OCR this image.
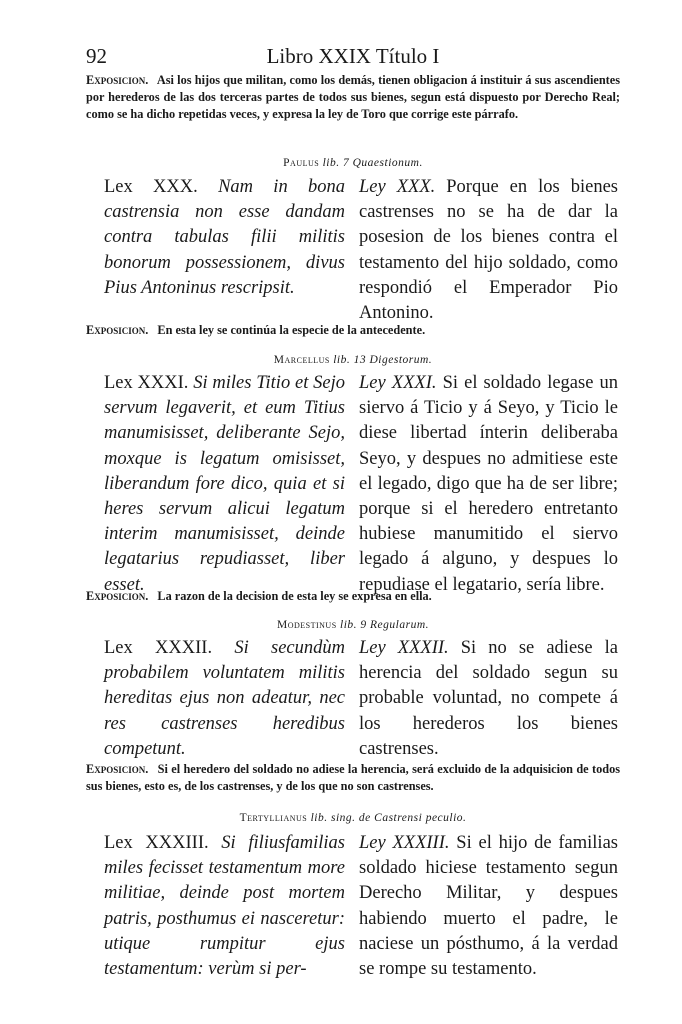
92	Libro XXIX Título I

Exposicion. Asi los hijos que militan, como los demás, tienen obligacion á instituir á sus ascendientes por herederos de las dos terceras partes de todos sus bienes, segun está dispuesto por Derecho Real; como se ha dicho repetidas veces, y expresa la ley de Toro que corrige este párrafo.

Paulus lib. 7 Quaestionum.

Lex XXX. Nam in bona castrensia non esse dandam contra tabulas filii militis bonorum possessionem, divus Pius Antoninus rescripsit.

Ley XXX. Porque en los bienes castrenses no se ha de dar la posesion de los bienes contra el testamento del hijo soldado, como respondió el Emperador Pio Antonino.

Exposicion. En esta ley se continúa la especie de la antecedente.

Marcellus lib. 13 Digestorum.

Lex XXXI. Si miles Titio et Sejo servum legaverit, et eum Titius manumisisset, deliberante Sejo, moxque is legatum omisisset, liberandum fore dico, quia et si heres servum alicui legatum interim manumisisset, deinde legatarius repudiasset, liber esset.

Ley XXXI. Si el soldado legase un siervo á Ticio y á Seyo, y Ticio le diese libertad ínterin deliberaba Seyo, y despues no admitiese este el legado, digo que ha de ser libre; porque si el heredero entretanto hubiese manumitido el siervo legado á alguno, y despues lo repudiase el legatario, sería libre.

Exposicion. La razon de la decision de esta ley se expresa en ella.

Modestinus lib. 9 Regularum.

Lex XXXII. Si secundùm probabilem voluntatem militis hereditas ejus non adeatur, nec res castrenses heredibus competunt.

Ley XXXII. Si no se adiese la herencia del soldado segun su probable voluntad, no compete á los herederos los bienes castrenses.

Exposicion. Si el heredero del soldado no adiese la herencia, será excluido de la adquisicion de todos sus bienes, esto es, de los castrenses, y de los que no son castrenses.

Tertyllianus lib. sing. de Castrensi peculio.

Lex XXXIII. Si filiusfamilias miles fecisset testamentum more militiae, deinde post mortem patris, posthumus ei nasceretur: utique rumpitur ejus testamentum: verùm si per-

Ley XXXIII. Si el hijo de familias soldado hiciese testamento segun Derecho Militar, y despues habiendo muerto el padre, le naciese un pósthumo, á la verdad se rompe su testamento.
